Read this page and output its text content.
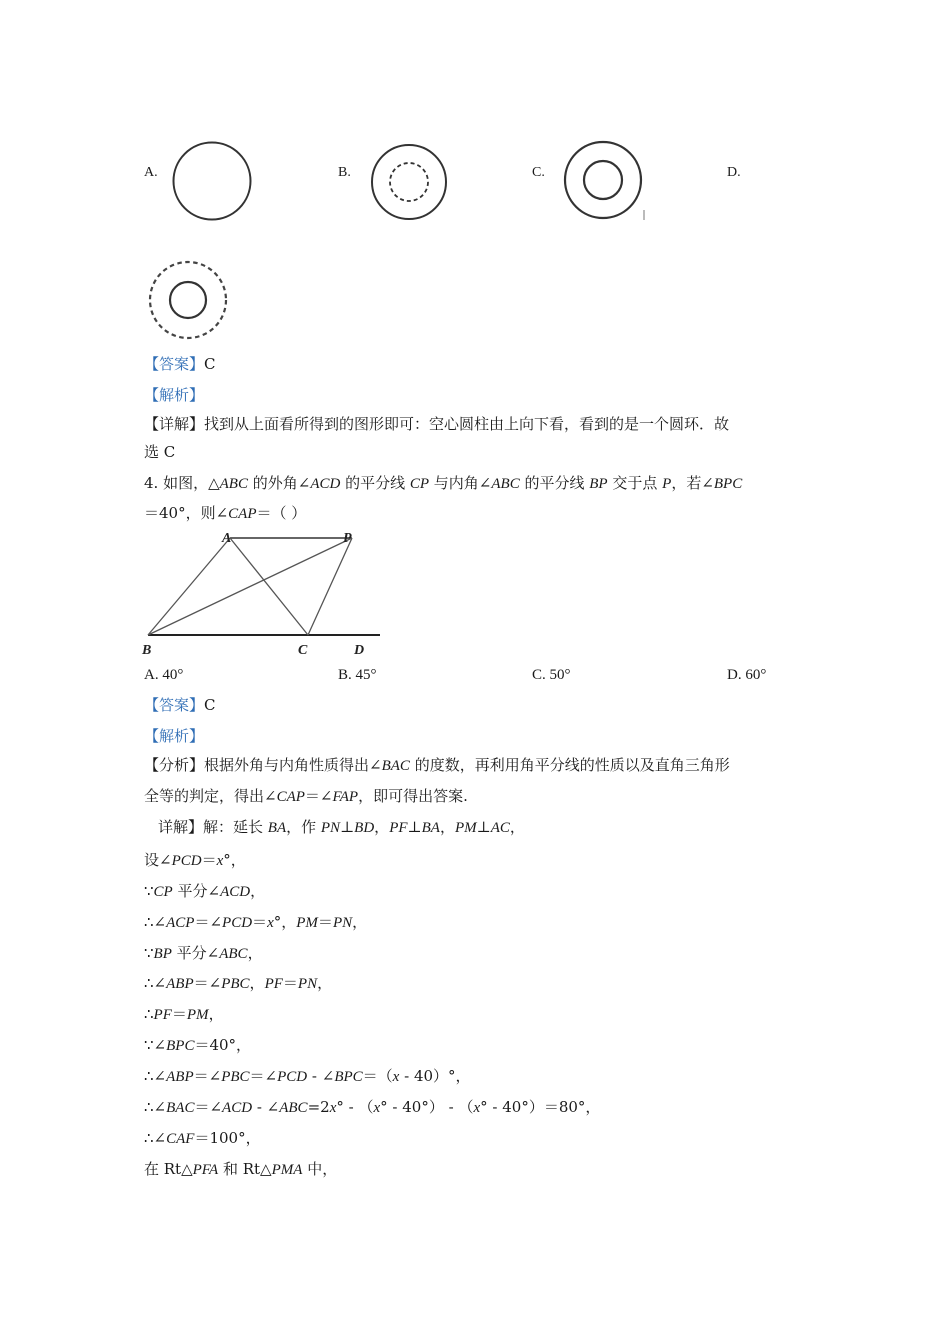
A.	B.	C.	D.
【答案】C
【解析】
【详解】找到从上面看所得到的图形即可：空心圆柱由上向下看，看到的是一个圆环．故
选 C
4. 如图，△ABC 的外角∠ACD 的平分线 CP 与内角∠ABC 的平分线 BP 交于点 P，若∠BPC
＝40°，则∠CAP＝（ ）
A	P
B	C	D
A. 40°	B. 45°	C. 50°	D. 60°
【答案】C
【解析】
【分析】根据外角与内角性质得出∠BAC 的度数，再利用角平分线的性质以及直角三角形
全等的判定，得出∠CAP＝∠FAP，即可得出答案.
详解】解：延长 BA，作 PN⊥BD，PF⊥BA，PM⊥AC，
设∠PCD＝x°，
∵CP 平分∠ACD，
∴∠ACP＝∠PCD＝x°，PM＝PN，
∵BP 平分∠ABC，
∴∠ABP＝∠PBC，PF＝PN，
∴PF＝PM，
∵∠BPC＝40°，
∴∠ABP＝∠PBC＝∠PCD - ∠BPC＝（x - 40）°，
∴∠BAC＝∠ACD - ∠ABC=2x° - （x° - 40°） - （x° - 40°）＝80°，
∴∠CAF＝100°，
在 Rt△PFA 和 Rt△PMA 中，
